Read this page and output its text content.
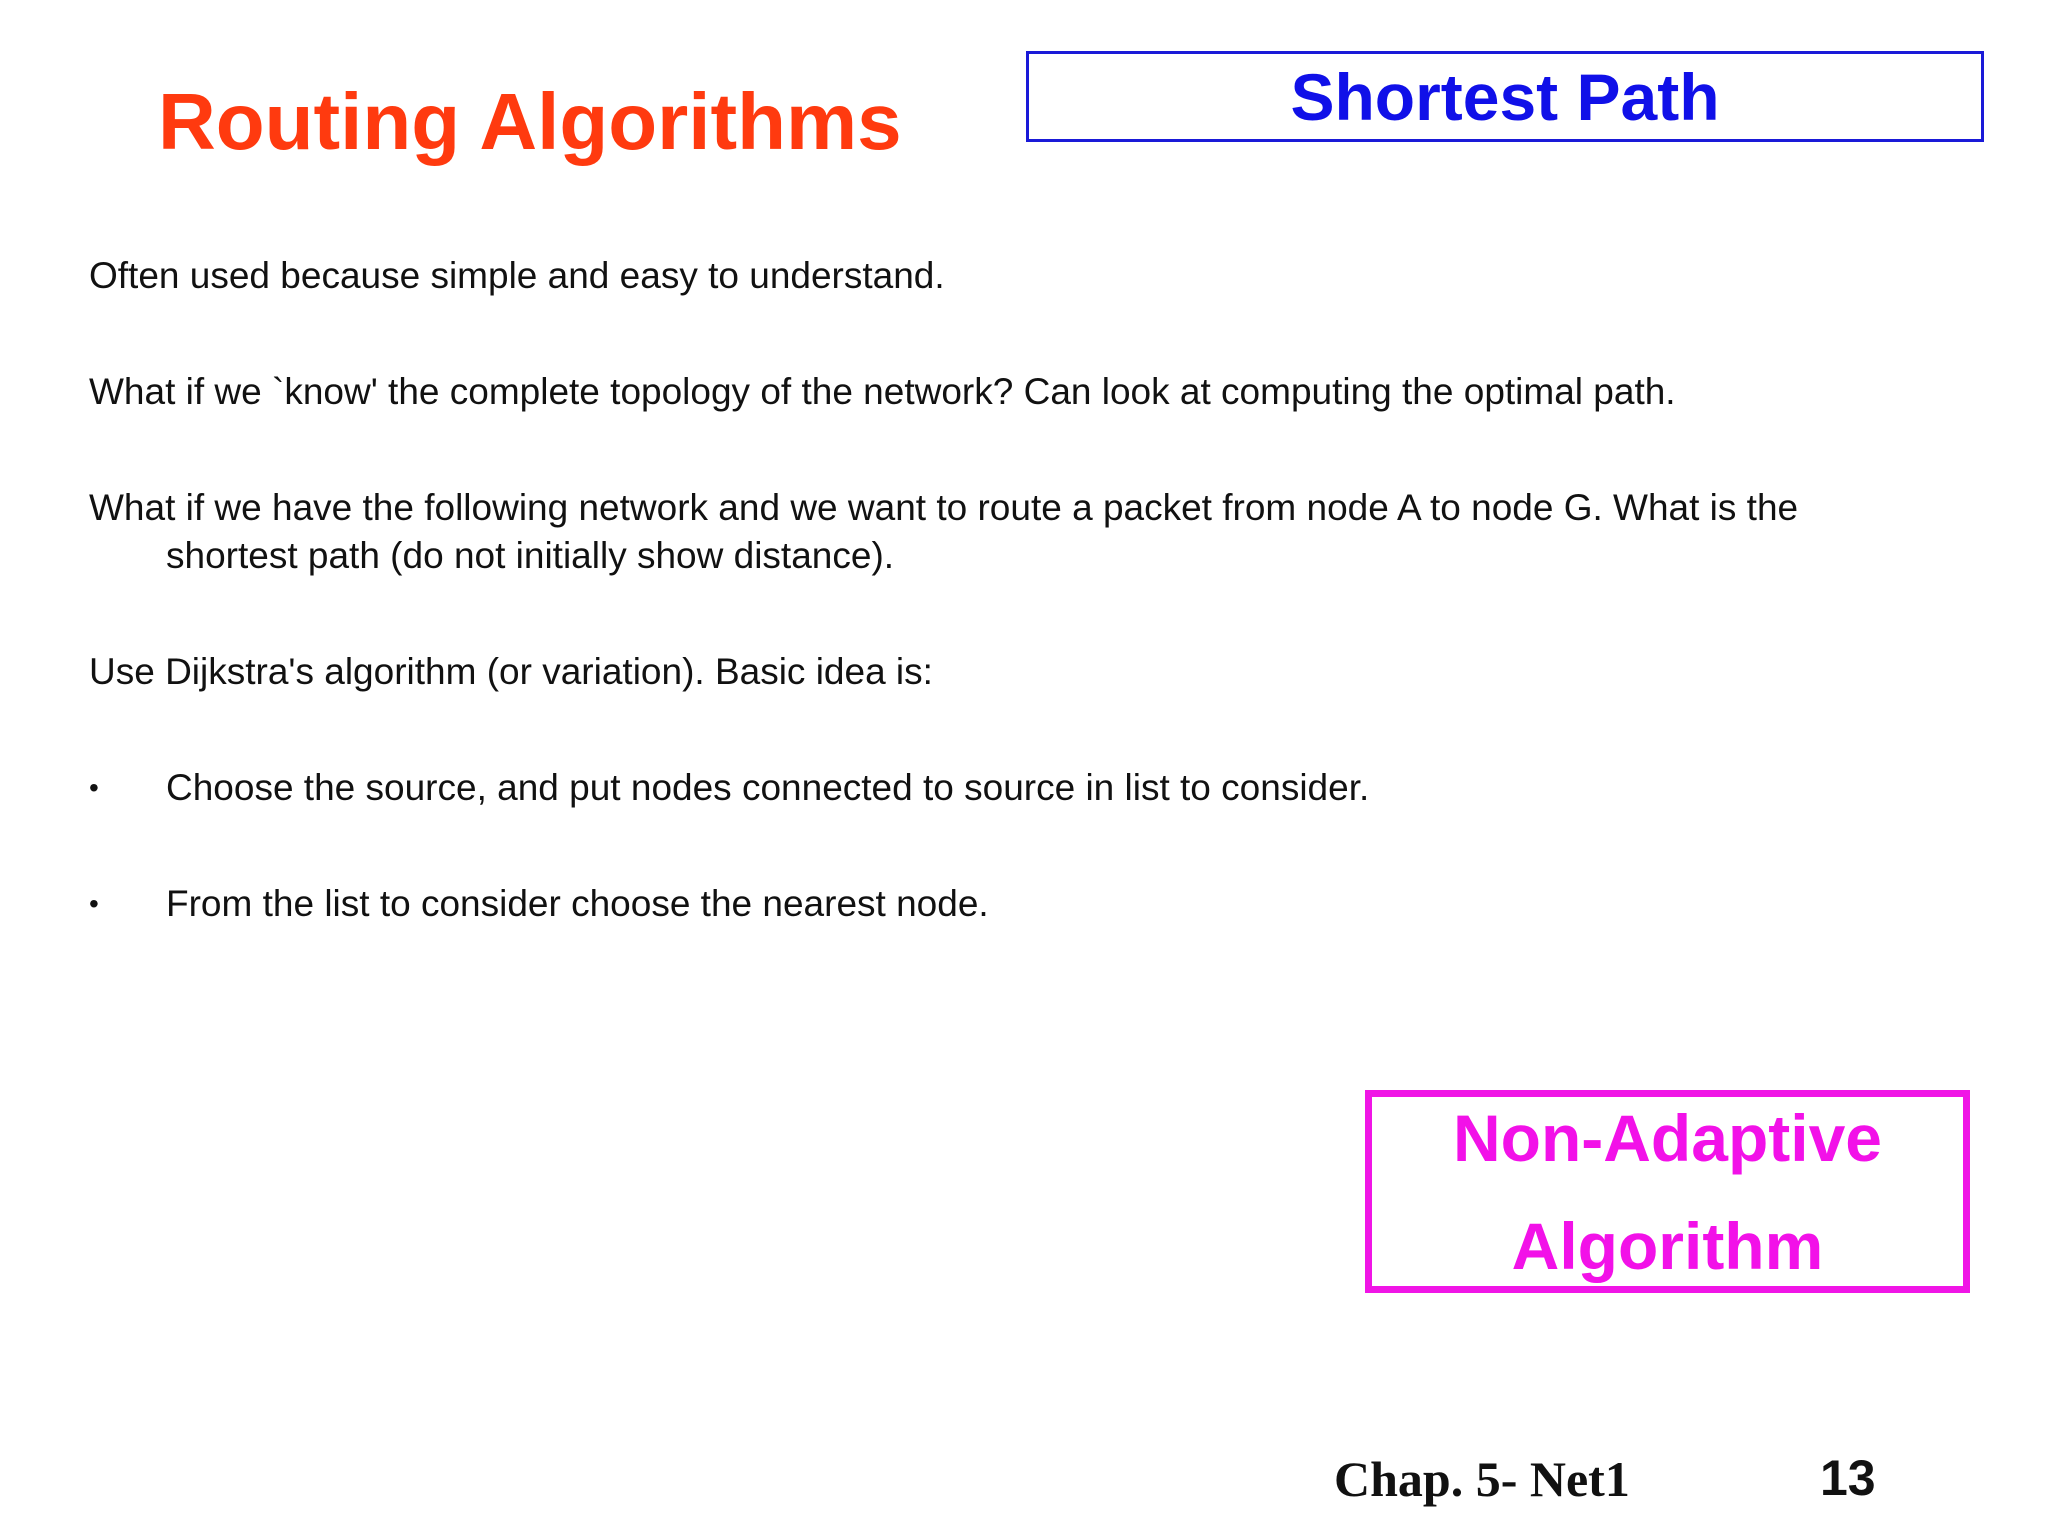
Routing Algorithms	Shortest Path

Often used because simple and easy to understand.

What if we `know' the complete topology of the network? Can look at computing the optimal path.

What if we have the following network and we want to route a packet from node A to node G. What is the
shortest path (do not initially show distance).

Use Dijkstra's algorithm (or variation). Basic idea is:

•	Choose the source, and put nodes connected to source in list to consider.
•	From the list to consider choose the nearest node.
Non-Adaptive
Algorithm
Chap. 5- Net1	13
